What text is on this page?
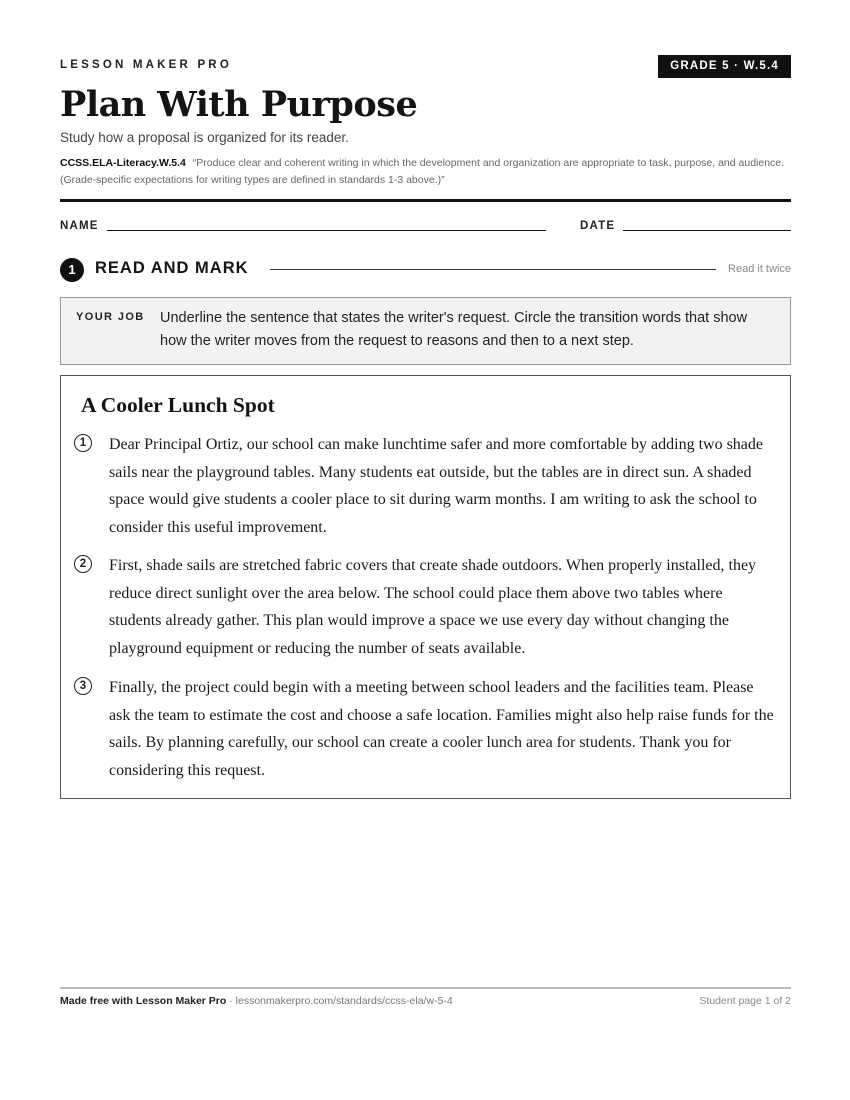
LESSON MAKER PRO	GRADE 5 · W.5.4
Plan With Purpose
Study how a proposal is organized for its reader.
CCSS.ELA-Literacy.W.5.4 “Produce clear and coherent writing in which the development and organization are appropriate to task, purpose, and audience. (Grade-specific expectations for writing types are defined in standards 1-3 above.)”
NAME	DATE
1	READ AND MARK	Read it twice
YOUR JOB Underline the sentence that states the writer's request. Circle the transition words that show how the writer moves from the request to reasons and then to a next step.
A Cooler Lunch Spot
1	Dear Principal Ortiz, our school can make lunchtime safer and more comfortable by adding two shade sails near the playground tables. Many students eat outside, but the tables are in direct sun. A shaded space would give students a cooler place to sit during warm months. I am writing to ask the school to consider this useful improvement.
2	First, shade sails are stretched fabric covers that create shade outdoors. When properly installed, they reduce direct sunlight over the area below. The school could place them above two tables where students already gather. This plan would improve a space we use every day without changing the playground equipment or reducing the number of seats available.
3	Finally, the project could begin with a meeting between school leaders and the facilities team. Please ask the team to estimate the cost and choose a safe location. Families might also help raise funds for the sails. By planning carefully, our school can create a cooler lunch area for students. Thank you for considering this request.
Made free with Lesson Maker Pro · lessonmakerpro.com/standards/ccss-ela/w-5-4	Student page 1 of 2
